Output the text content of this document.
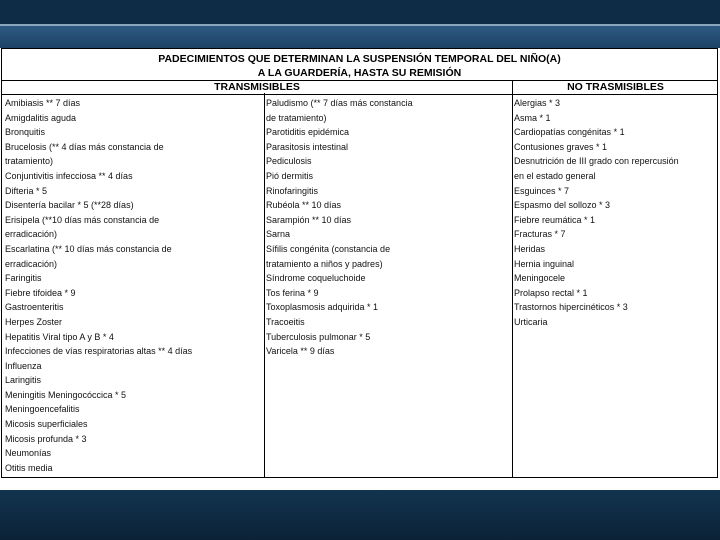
PADECIMIENTOS QUE DETERMINAN LA SUSPENSIÓN TEMPORAL DEL NIÑO(A)
A LA GUARDERÍA, HASTA SU REMISIÓN
TRANSMISIBLES	NO TRASMISIBLES
Amibiasis ** 7 días
Amigdalitis aguda
Bronquitis
Brucelosis (** 4 días más constancia de
tratamiento)
Conjuntivitis infecciosa ** 4 días
Difteria * 5
Disentería bacilar * 5 (**28 días)
Erisipela (**10 días más constancia de
erradicación)
Escarlatina (** 10 días más constancia de
erradicación)
Faringitis
Fiebre tifoidea * 9
Gastroenteritis
Herpes Zoster
Hepatitis Viral tipo A y B * 4
Infecciones de vías respiratorias altas ** 4 días
Influenza
Laringitis
Meningitis Meningocóccica * 5
Meningoencefalitis
Micosis superficiales
Micosis profunda * 3
Neumonías
Otitis media
Paludismo (** 7 días más constancia
de tratamiento)
Parotiditis epidémica
Parasitosis intestinal
Pediculosis
Pió dermitis
Rinofaringitis
Rubéola ** 10 días
Sarampión ** 10 días
Sarna
Sífilis congénita (constancia de
tratamiento a niños y padres)
Síndrome coqueluchoide
Tos ferina * 9
Toxoplasmosis adquirida * 1
Tracoeitis
Tuberculosis pulmonar * 5
Varicela ** 9 días
Alergias * 3
Asma * 1
Cardiopatías congénitas * 1
Contusiones graves * 1
Desnutrición de III grado con repercusión
en el estado general
Esguinces * 7
Espasmo del sollozo * 3
Fiebre reumática * 1
Fracturas * 7
Heridas
Hernia inguinal
Meningocele
Prolapso rectal * 1
Trastornos hipercinéticos * 3
Urticaria
